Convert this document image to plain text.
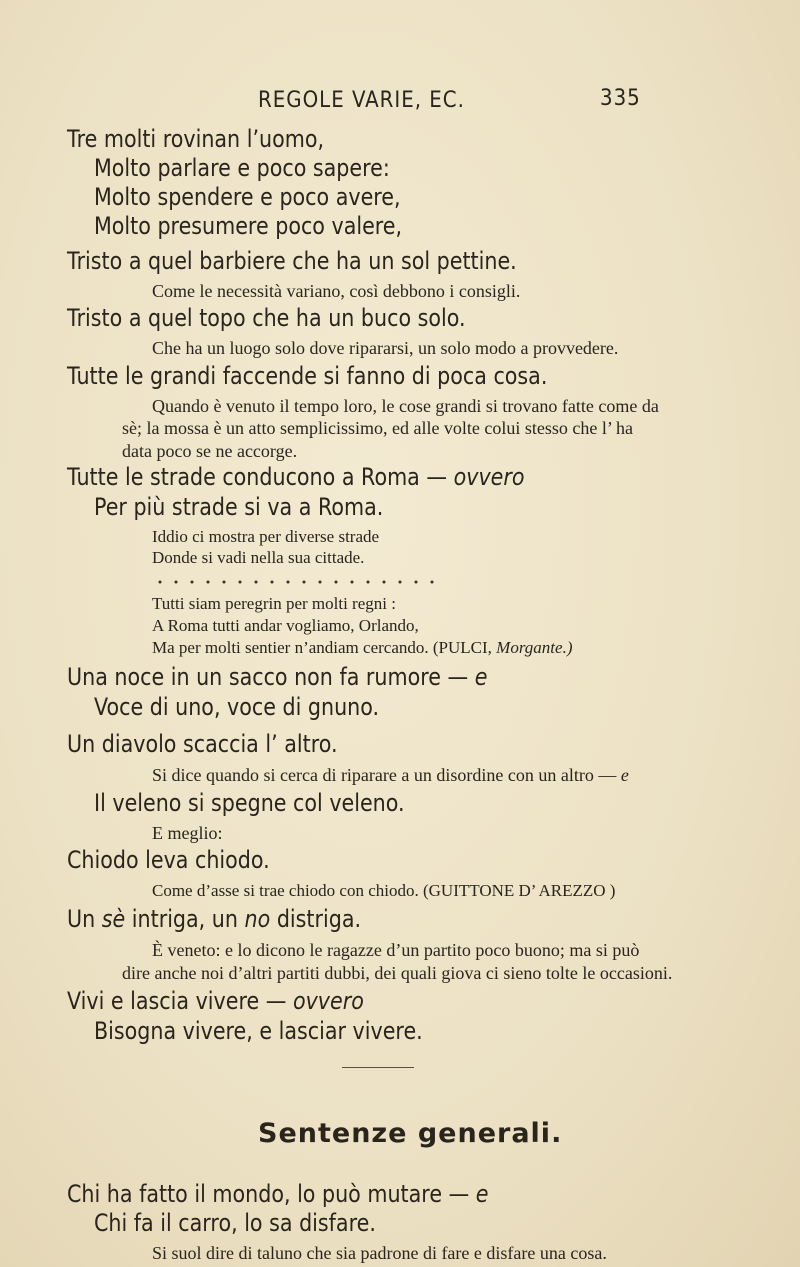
REGOLE VARIE, EC.	335
Tre molti rovinan l’uomo,
Molto parlare e poco sapere:
Molto spendere e poco avere,
Molto presumere poco valere,
Tristo a quel barbiere che ha un sol pettine.
Come le necessità variano, così debbono i consigli.
Tristo a quel topo che ha un buco solo.
Che ha un luogo solo dove ripararsi, un solo modo a provvedere.
Tutte le grandi faccende si fanno di poca cosa.
Quando è venuto il tempo loro, le cose grandi si trovano fatte come da
sè; la mossa è un atto semplicissimo, ed alle volte colui stesso che l’ ha
data poco se ne accorge.
Tutte le strade conducono a Roma — ovvero
Per più strade si va a Roma.
Iddio ci mostra per diverse strade
Donde si vadi nella sua cittade.
Tutti siam peregrin per molti regni :
A Roma tutti andar vogliamo, Orlando,
Ma per molti sentier n’andiam cercando. (PULCI, Morgante.)
Una noce in un sacco non fa rumore — e
Voce di uno, voce di gnuno.
Un diavolo scaccia l’ altro.
Si dice quando si cerca di riparare a un disordine con un altro — e
Il veleno si spegne col veleno.
E meglio:
Chiodo leva chiodo.
Come d’asse si trae chiodo con chiodo. (GUITTONE D’ AREZZO )
Un sè intriga, un no distriga.
È veneto: e lo dicono le ragazze d’un partito poco buono; ma si può
dire anche noi d’altri partiti dubbi, dei quali giova ci sieno tolte le occasioni.
Vivi e lascia vivere — ovvero
Bisogna vivere, e lasciar vivere.
Sentenze generali.
Chi ha fatto il mondo, lo può mutare — e
Chi fa il carro, lo sa disfare.
Si suol dire di taluno che sia padrone di fare e disfare una cosa.
